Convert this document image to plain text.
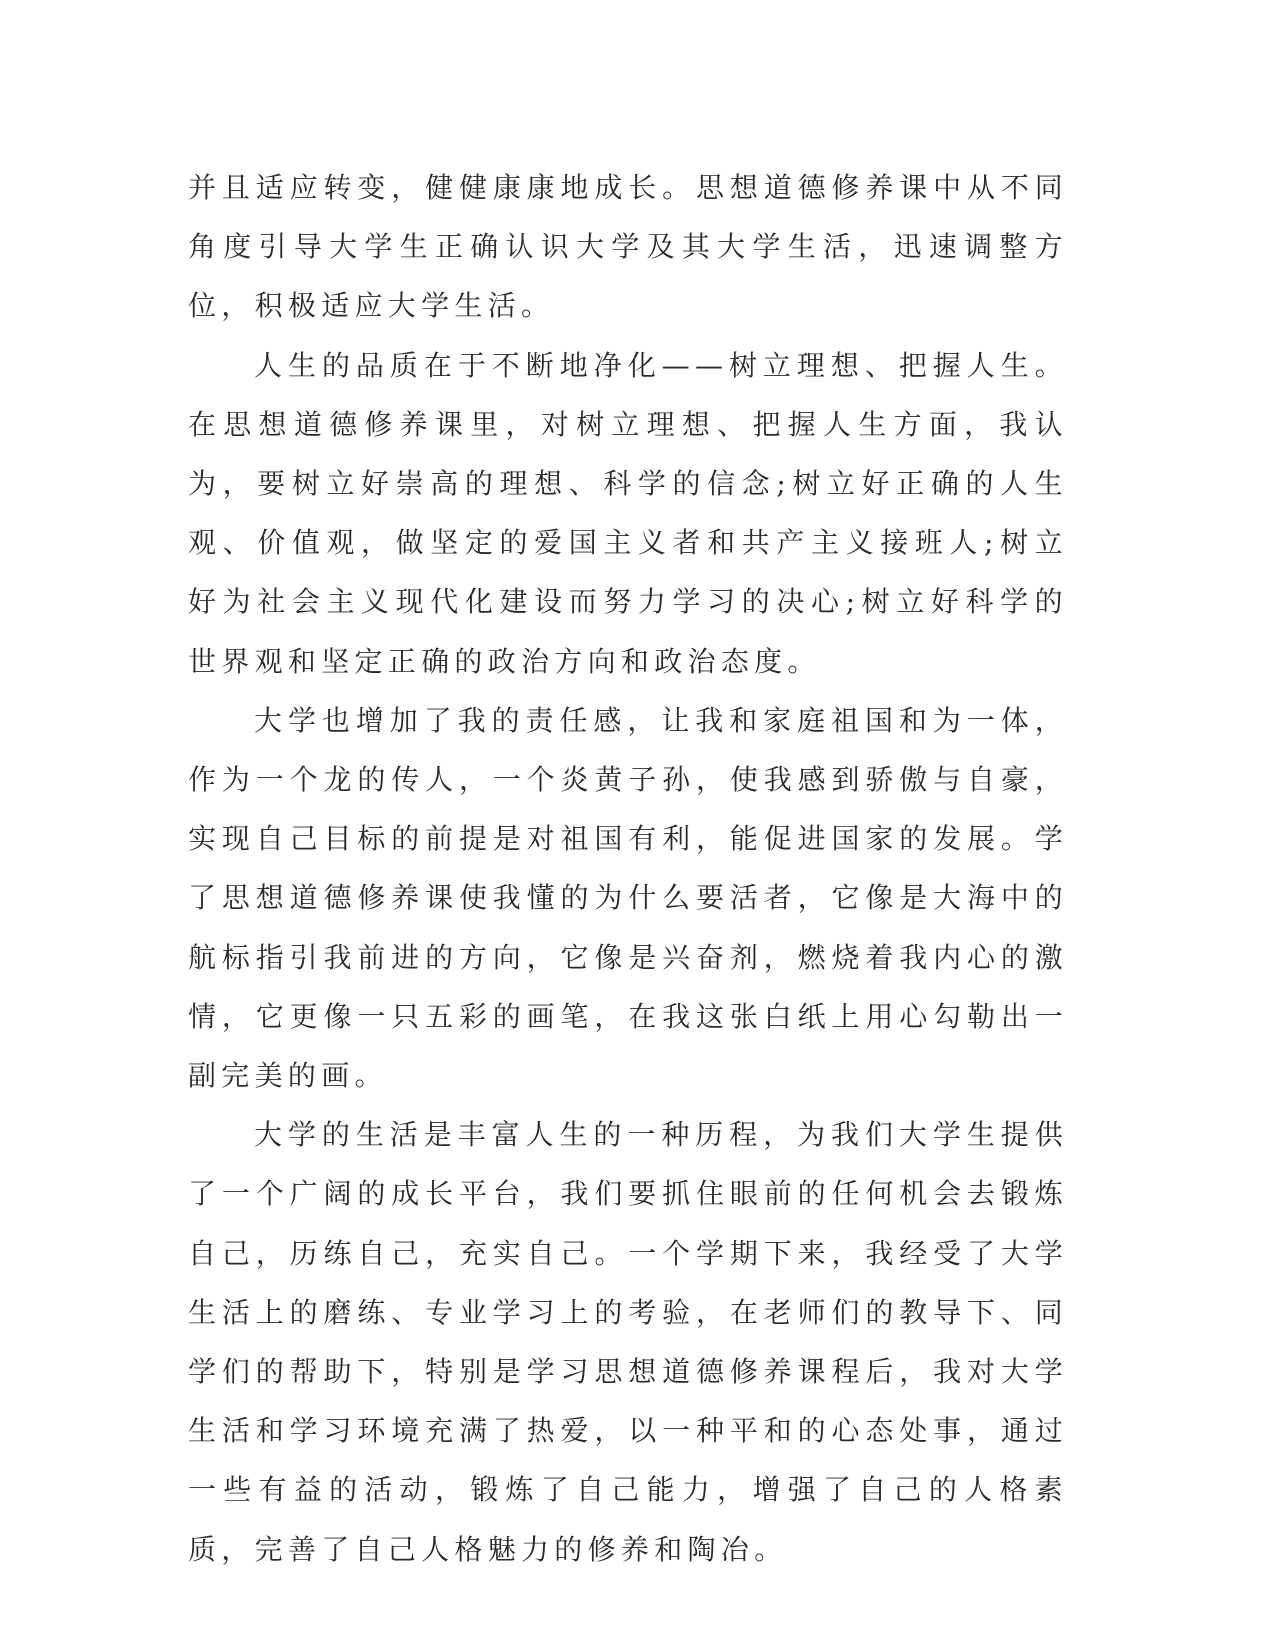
并且适应转变，健健康康地成长。思想道德修养课中从不同角度引导大学生正确认识大学及其大学生活，迅速调整方位，积极适应大学生活。

人生的品质在于不断地净化——树立理想、把握人生。在思想道德修养课里，对树立理想、把握人生方面，我认为，要树立好崇高的理想、科学的信念;树立好正确的人生观、价值观，做坚定的爱国主义者和共产主义接班人;树立好为社会主义现代化建设而努力学习的决心;树立好科学的世界观和坚定正确的政治方向和政治态度。

大学也增加了我的责任感，让我和家庭祖国和为一体，作为一个龙的传人，一个炎黄子孙，使我感到骄傲与自豪，实现自己目标的前提是对祖国有利，能促进国家的发展。学了思想道德修养课使我懂的为什么要活者，它像是大海中的航标指引我前进的方向，它像是兴奋剂，燃烧着我内心的激情，它更像一只五彩的画笔，在我这张白纸上用心勾勒出一副完美的画。

大学的生活是丰富人生的一种历程，为我们大学生提供了一个广阔的成长平台，我们要抓住眼前的任何机会去锻炼自己，历练自己，充实自己。一个学期下来，我经受了大学生活上的磨练、专业学习上的考验，在老师们的教导下、同学们的帮助下，特别是学习思想道德修养课程后，我对大学生活和学习环境充满了热爱，以一种平和的心态处事，通过一些有益的活动，锻炼了自己能力，增强了自己的人格素质，完善了自己人格魅力的修养和陶冶。
